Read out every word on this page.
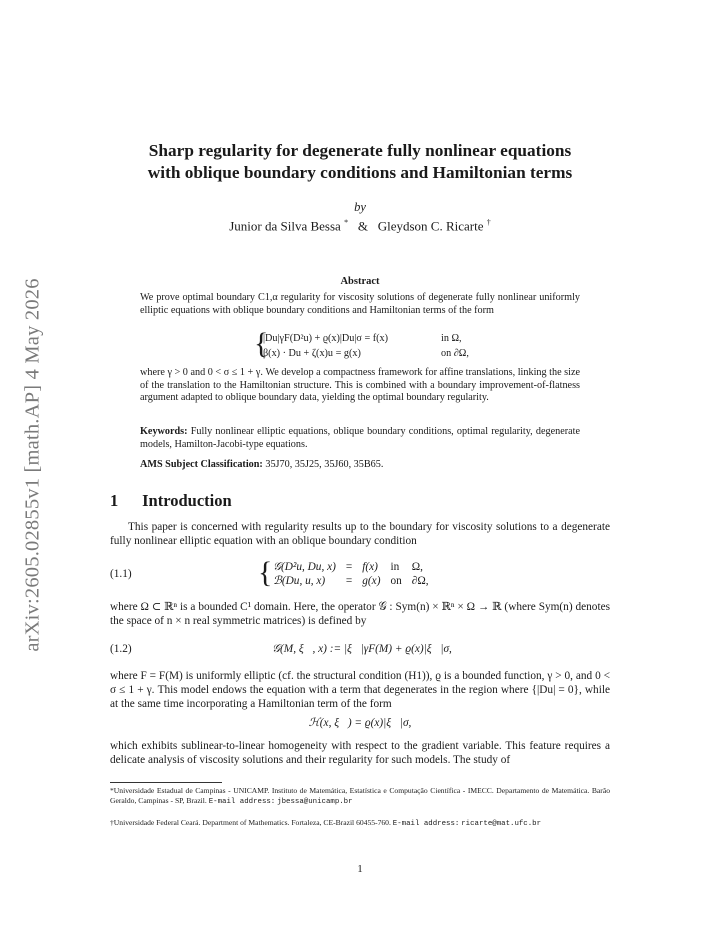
arXiv:2605.02855v1 [math.AP] 4 May 2026
Sharp regularity for degenerate fully nonlinear equations
with oblique boundary conditions and Hamiltonian terms
by
Junior da Silva Bessa * & Gleydson C. Ricarte †
Abstract
We prove optimal boundary C1,α regularity for viscosity solutions of degenerate fully nonlinear uniformly elliptic equations with oblique boundary conditions and Hamiltonian terms of the form
{
|Du|γF(D²u) + ϱ(x)|Du|σ = f(x)	in Ω,
β(x) · Du + ζ(x)u = g(x)	on ∂Ω,
where γ > 0 and 0 < σ ≤ 1 + γ. We develop a compactness framework for affine translations, linking the size of the translation to the Hamiltonian structure. This is combined with a boundary improvement-of-flatness argument adapted to oblique boundary data, yielding the optimal boundary regularity.
Keywords: Fully nonlinear elliptic equations, oblique boundary conditions, optimal regularity, degenerate models, Hamilton-Jacobi-type equations.
AMS Subject Classification: 35J70, 35J25, 35J60, 35B65.
1 Introduction
This paper is concerned with regularity results up to the boundary for viscosity solutions to a degenerate fully nonlinear elliptic equation with an oblique boundary condition
(1.1)	{ 𝒢(D²u, Du, x)	=	f(x)	in	Ω,
ℬ(Du, u, x)	=	g(x)	on	∂Ω,
where Ω ⊂ ℝⁿ is a bounded C¹ domain. Here, the operator 𝒢 : Sym(n) × ℝⁿ × Ω → ℝ (where Sym(n) denotes the space of n × n real symmetric matrices) is defined by
(1.2)	𝒢(M, ξ⃗, x) := |ξ⃗|γF(M) + ϱ(x)|ξ⃗|σ,
where F = F(M) is uniformly elliptic (cf. the structural condition (H1)), ϱ is a bounded function, γ > 0, and 0 < σ ≤ 1 + γ. This model endows the equation with a term that degenerates in the region where {|Du| = 0}, while at the same time incorporating a Hamiltonian term of the form
ℋ(x, ξ⃗) = ϱ(x)|ξ⃗|σ,
which exhibits sublinear-to-linear homogeneity with respect to the gradient variable. This feature requires a delicate analysis of viscosity solutions and their regularity for such models. The study of
*Universidade Estadual de Campinas - UNICAMP. Instituto de Matemática, Estatística e Computação Científica - IMECC. Departamento de Matemática. Barão Geraldo, Campinas - SP, Brazil. E-mail address: jbessa@unicamp.br
†Universidade Federal Ceará. Department of Mathematics. Fortaleza, CE-Brazil 60455-760. E-mail address: ricarte@mat.ufc.br
1
